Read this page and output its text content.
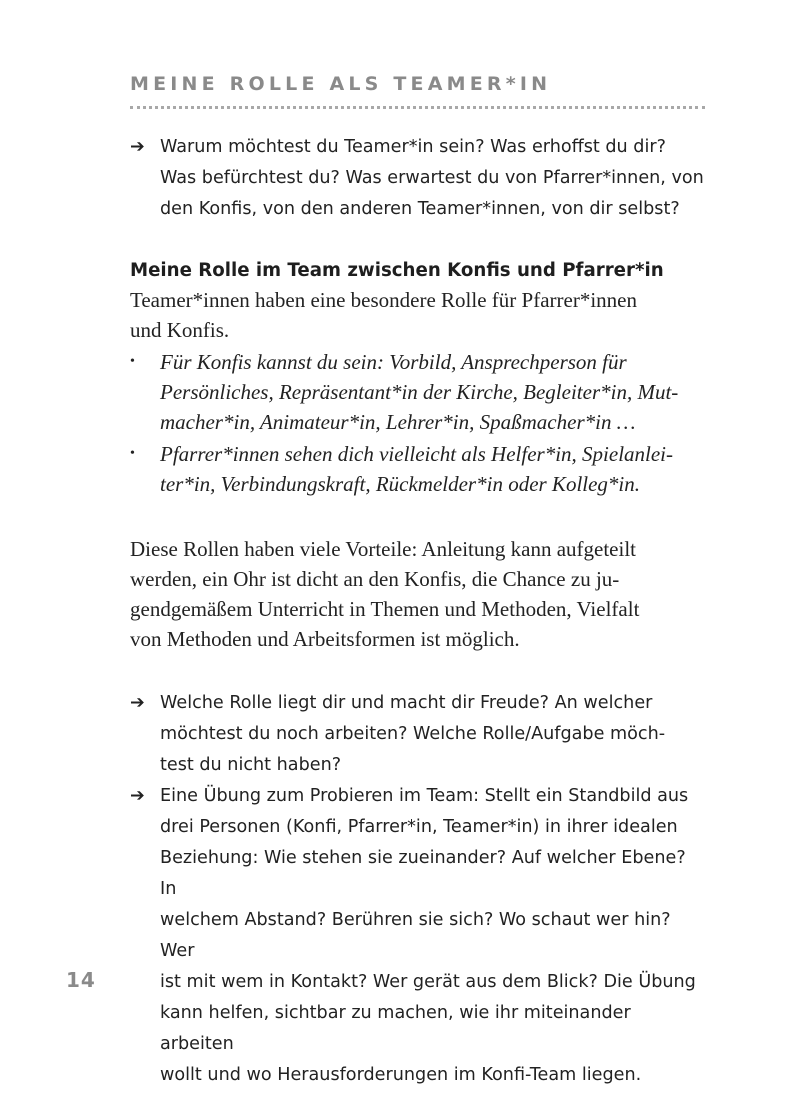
MEINE ROLLE ALS TEAMER*IN
➔ Warum möchtest du Teamer*in sein? Was erhoffst du dir?
Was befürchtest du? Was erwartest du von Pfarrer*innen, von
den Konfis, von den anderen Teamer*innen, von dir selbst?
Meine Rolle im Team zwischen Konfis und Pfarrer*in
Teamer*innen haben eine besondere Rolle für Pfarrer*innen
und Konfis.
• Für Konfis kannst du sein: Vorbild, Ansprechperson für
Persönliches, Repräsentant*in der Kirche, Begleiter*in, Mut-
macher*in, Animateur*in, Lehrer*in, Spaßmacher*in …
• Pfarrer*innen sehen dich vielleicht als Helfer*in, Spielanlei-
ter*in, Verbindungskraft, Rückmelder*in oder Kolleg*in.
Diese Rollen haben viele Vorteile: Anleitung kann aufgeteilt
werden, ein Ohr ist dicht an den Konfis, die Chance zu ju-
gendgemäßem Unterricht in Themen und Methoden, Vielfalt
von Methoden und Arbeitsformen ist möglich.
➔ Welche Rolle liegt dir und macht dir Freude? An welcher
möchtest du noch arbeiten? Welche Rolle/Aufgabe möch-
test du nicht haben?
➔ Eine Übung zum Probieren im Team: Stellt ein Standbild aus
drei Personen (Konfi, Pfarrer*in, Teamer*in) in ihrer idealen
Beziehung: Wie stehen sie zueinander? Auf welcher Ebene? In
welchem Abstand? Berühren sie sich? Wo schaut wer hin? Wer
ist mit wem in Kontakt? Wer gerät aus dem Blick? Die Übung
kann helfen, sichtbar zu machen, wie ihr miteinander arbeiten
wollt und wo Herausforderungen im Konfi-Team liegen.
14
